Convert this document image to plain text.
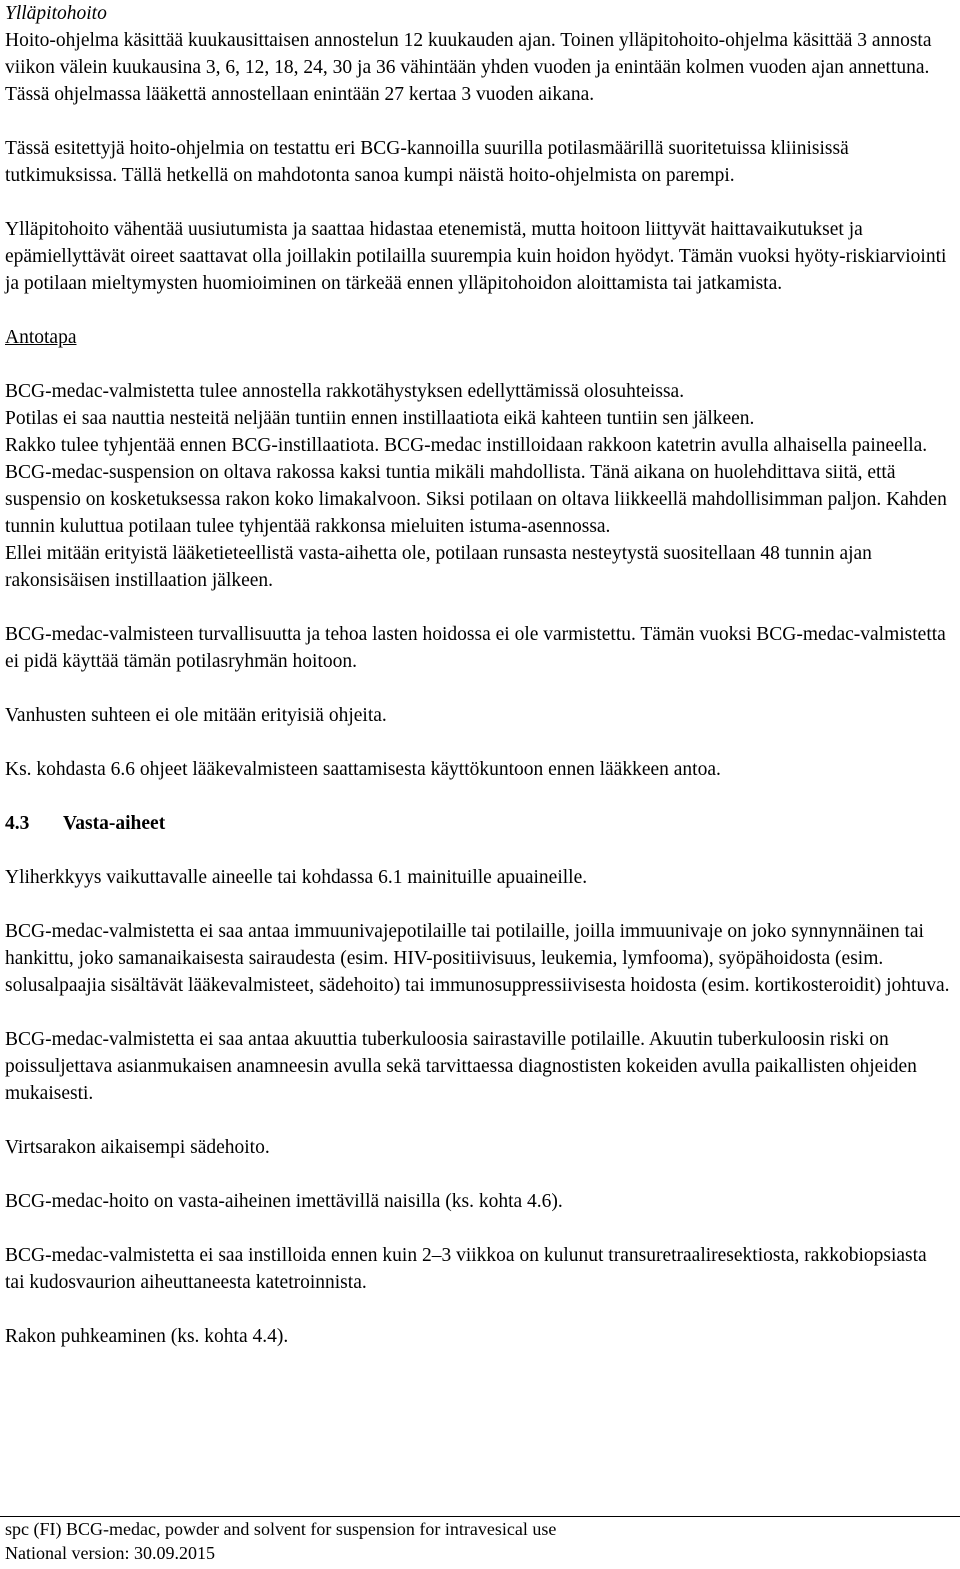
Ylläpitohoito

Hoito-ohjelma käsittää kuukausittaisen annostelun 12 kuukauden ajan. Toinen ylläpitohoito-ohjelma käsittää 3 annosta viikon välein kuukausina 3, 6, 12, 18, 24, 30 ja 36 vähintään yhden vuoden ja enintään kolmen vuoden ajan annettuna. Tässä ohjelmassa lääkettä annostellaan enintään 27 kertaa 3 vuoden aikana.

Tässä esitettyjä hoito-ohjelmia on testattu eri BCG-kannoilla suurilla potilasmäärillä suoritetuissa kliinisissä tutkimuksissa. Tällä hetkellä on mahdotonta sanoa kumpi näistä hoito-ohjelmista on parempi.

Ylläpitohoito vähentää uusiutumista ja saattaa hidastaa etenemistä, mutta hoitoon liittyvät haittavaikutukset ja epämiellyttävät oireet saattavat olla joillakin potilailla suurempia kuin hoidon hyödyt. Tämän vuoksi hyöty-riskiarviointi ja potilaan mieltymysten huomioiminen on tärkeää ennen ylläpitohoidon aloittamista tai jatkamista.

Antotapa

BCG-medac-valmistetta tulee annostella rakkotähystyksen edellyttämissä olosuhteissa.

Potilas ei saa nauttia nesteitä neljään tuntiin ennen instillaatiota eikä kahteen tuntiin sen jälkeen.

Rakko tulee tyhjentää ennen BCG-instillaatiota. BCG-medac instilloidaan rakkoon katetrin avulla alhaisella paineella. BCG-medac-suspension on oltava rakossa kaksi tuntia mikäli mahdollista. Tänä aikana on huolehdittava siitä, että suspensio on kosketuksessa rakon koko limakalvoon. Siksi potilaan on oltava liikkeellä mahdollisimman paljon. Kahden tunnin kuluttua potilaan tulee tyhjentää rakkonsa mieluiten istuma-asennossa.

Ellei mitään erityistä lääketieteellistä vasta-aihetta ole, potilaan runsasta nesteytystä suositellaan 48 tunnin ajan rakonsisäisen instillaation jälkeen.

BCG-medac-valmisteen turvallisuutta ja tehoa lasten hoidossa ei ole varmistettu. Tämän vuoksi BCG-medac-valmistetta ei pidä käyttää tämän potilasryhmän hoitoon.

Vanhusten suhteen ei ole mitään erityisiä ohjeita.

Ks. kohdasta 6.6 ohjeet lääkevalmisteen saattamisesta käyttökuntoon ennen lääkkeen antoa.

4.3 Vasta-aiheet

Yliherkkyys vaikuttavalle aineelle tai kohdassa 6.1 mainituille apuaineille.

BCG-medac-valmistetta ei saa antaa immuunivajepotilaille tai potilaille, joilla immuunivaje on joko synnynnäinen tai hankittu, joko samanaikaisesta sairaudesta (esim. HIV-positiivisuus, leukemia, lymfooma), syöpähoidosta (esim. solusalpaajia sisältävät lääkevalmisteet, sädehoito) tai immunosuppressiivisesta hoidosta (esim. kortikosteroidit) johtuva.

BCG-medac-valmistetta ei saa antaa akuuttia tuberkuloosia sairastaville potilaille. Akuutin tuberkuloosin riski on poissuljettava asianmukaisen anamneesin avulla sekä tarvittaessa diagnostisten kokeiden avulla paikallisten ohjeiden mukaisesti.

Virtsarakon aikaisempi sädehoito.

BCG-medac-hoito on vasta-aiheinen imettävillä naisilla (ks. kohta 4.6).

BCG-medac-valmistetta ei saa instilloida ennen kuin 2–3 viikkoa on kulunut transuretraaliresektiosta, rakkobiopsiasta tai kudosvaurion aiheuttaneesta katetroinnista.

Rakon puhkeaminen (ks. kohta 4.4).

spc (FI) BCG-medac, powder and solvent for suspension for intravesical use

National version: 30.09.2015
